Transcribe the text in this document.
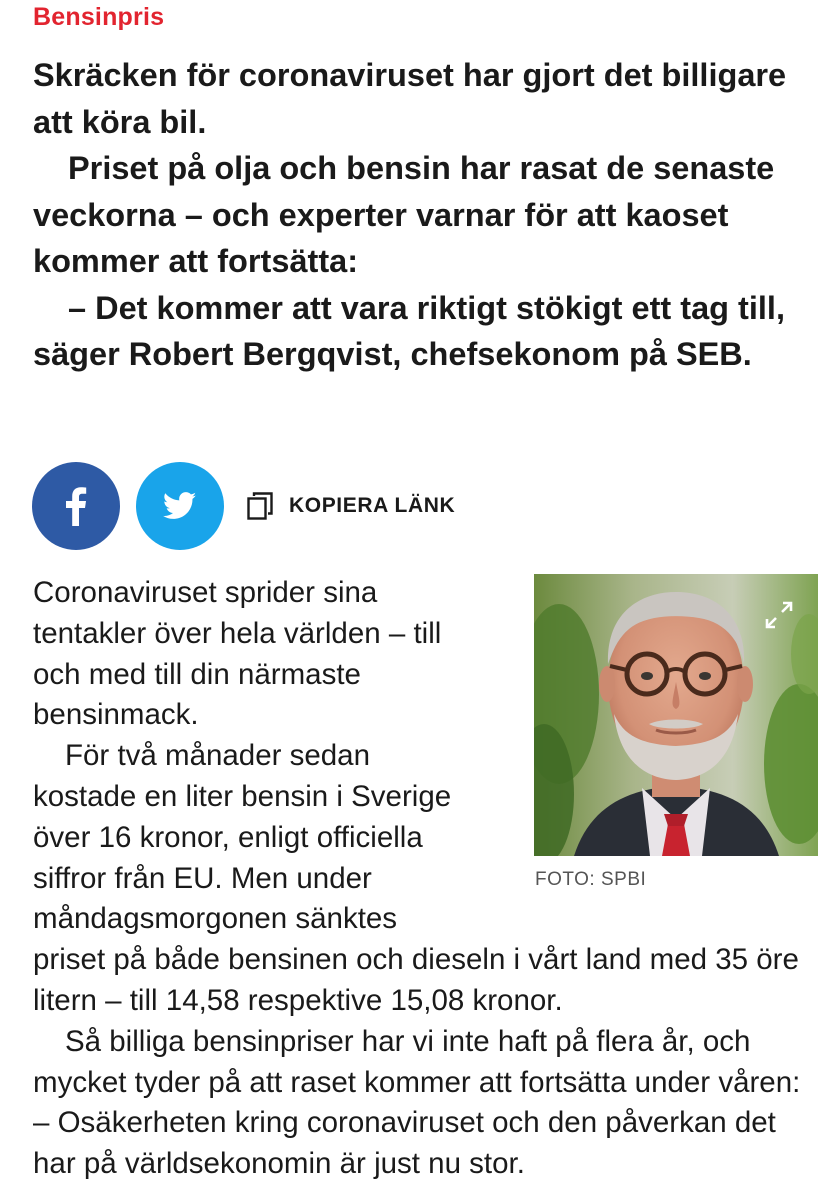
Bensinpris

Skräcken för coronaviruset har gjort det billigare att köra bil.

Priset på olja och bensin har rasat de senaste veckorna – och experter varnar för att kaoset kommer att fortsätta:

– Det kommer att vara riktigt stökigt ett tag till, säger Robert Bergqvist, chefsekonom på SEB.

KOPIERA LÄNK
FOTO: SPBI

Coronaviruset sprider sina tentakler över hela världen – till och med till din närmaste bensinmack.

För två månader sedan kostade en liter bensin i Sverige över 16 kronor, enligt officiella siffror från EU. Men under måndagsmorgonen sänktes priset på både bensinen och dieseln i vårt land med 35 öre litern – till 14,58 respektive 15,08 kronor.

Så billiga bensinpriser har vi inte haft på flera år, och mycket tyder på att raset kommer att fortsätta under våren:

– Osäkerheten kring coronaviruset och den påverkan det har på världsekonomin är just nu stor.
